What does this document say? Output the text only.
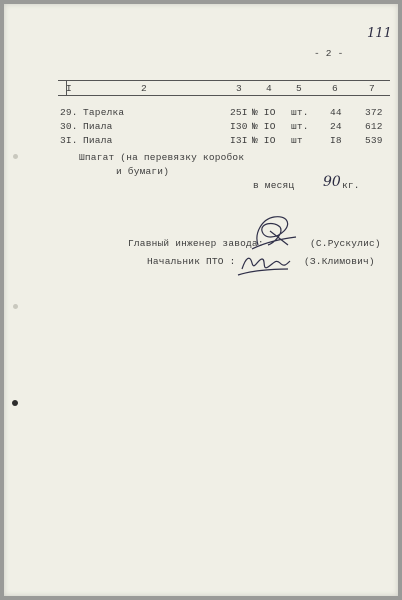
111
- 2 -
I	2	3	4	5	6	7
29. Тарелка	25I № IO шт. 44 372
30. Пиала	I30 № IO шт. 24 612
3I. Пиала	I3I № IO шт	I8 539
Шпагат (на перевязку коробок
и бумаги)
в месяц 90 кг.
Главный инженер завода:	(С.Рускулис)
Начальник ПТО :	(З.Климович)
